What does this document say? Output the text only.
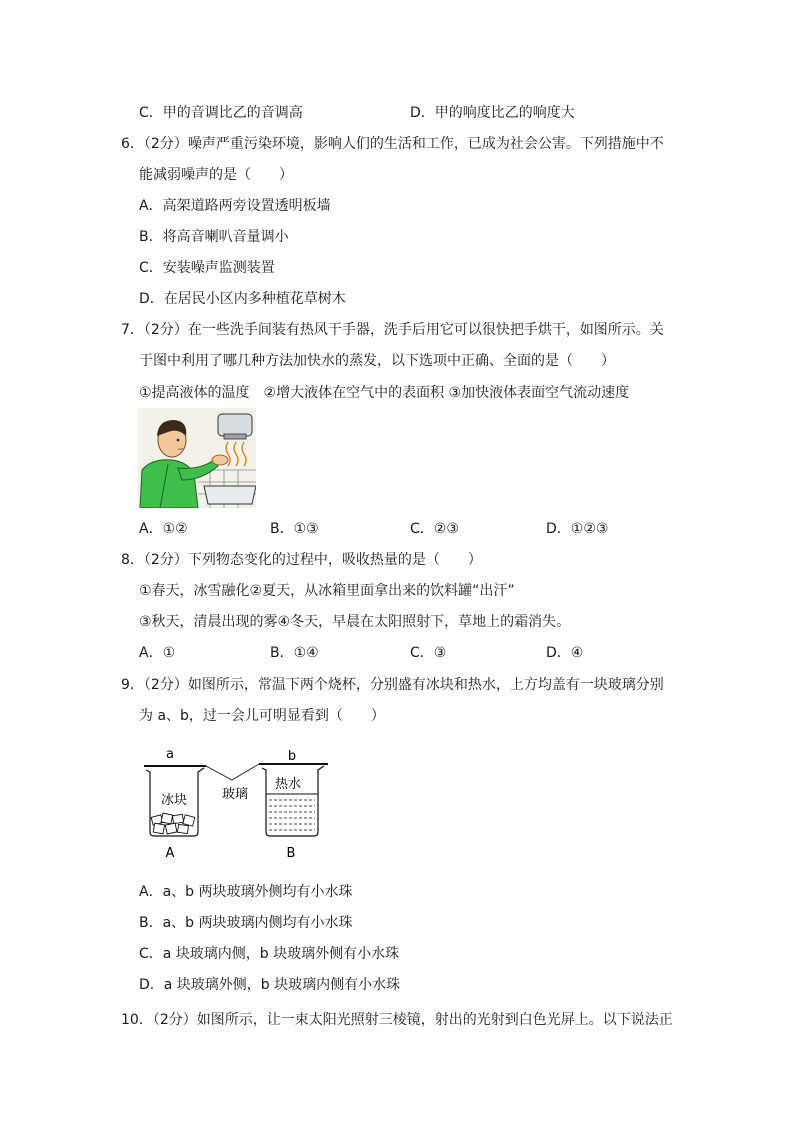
C．甲的音调比乙的音调高	D．甲的响度比乙的响度大
6．（2分）噪声严重污染环境，影响人们的生活和工作，已成为社会公害。下列措施中不
能减弱噪声的是（　　）
A．高架道路两旁设置透明板墙
B．将高音喇叭音量调小
C．安装噪声监测装置
D．在居民小区内多种植花草树木
7．（2分）在一些洗手间装有热风干手器，洗手后用它可以很快把手烘干，如图所示。关
于图中利用了哪几种方法加快水的蒸发，以下选项中正确、全面的是（　　）
①提高液体的温度　②增大液体在空气中的表面积 ③加快液体表面空气流动速度
A．①②	B．①③	C．②③	D．①②③
8．（2分）下列物态变化的过程中，吸收热量的是（　　）
①春天，冰雪融化②夏天，从冰箱里面拿出来的饮料罐“出汗”
③秋天，清晨出现的雾④冬天，早晨在太阳照射下，草地上的霜消失。
A．①	B．①④	C．③	D．④
9．（2分）如图所示，常温下两个烧杯，分别盛有冰块和热水，上方均盖有一块玻璃分别
为 a、b，过一会儿可明显看到（　　）
a	b
冰块	玻璃
热水
A	B
A．a、b 两块玻璃外侧均有小水珠
B．a、b 两块玻璃内侧均有小水珠
C．a 块玻璃内侧，b 块玻璃外侧有小水珠
D．a 块玻璃外侧，b 块玻璃内侧有小水珠
10．（2分）如图所示，让一束太阳光照射三棱镜，射出的光射到白色光屏上。以下说法正
